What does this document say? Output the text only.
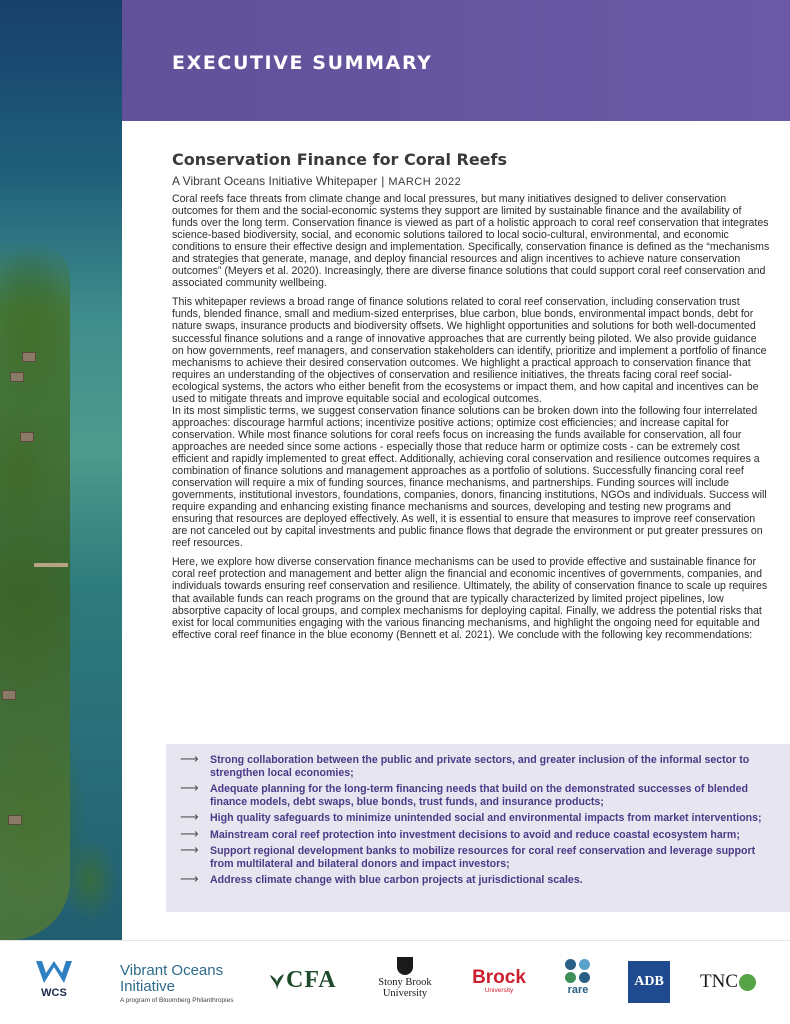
EXECUTIVE SUMMARY
Conservation Finance for Coral Reefs
A Vibrant Oceans Initiative Whitepaper | MARCH 2022

Coral reefs face threats from climate change and local pressures, but many initiatives designed to deliver conservation outcomes for them and the social-economic systems they support are limited by sustainable finance and the availability of funds over the long term. Conservation finance is viewed as part of a holistic approach to coral reef conservation that integrates science-based biodiversity, social, and economic solutions tailored to local socio-cultural, environmental, and economic conditions to ensure their effective design and implementation. Specifically, conservation finance is defined as the “mechanisms and strategies that generate, manage, and deploy financial resources and align incentives to achieve nature conservation outcomes” (Meyers et al. 2020). Increasingly, there are diverse finance solutions that could support coral reef conservation and associated community wellbeing.

This whitepaper reviews a broad range of finance solutions related to coral reef conservation, including conservation trust funds, blended finance, small and medium-sized enterprises, blue carbon, blue bonds, environmental impact bonds, debt for nature swaps, insurance products and biodiversity offsets. We highlight opportunities and solutions for both well-documented successful finance solutions and a range of innovative approaches that are currently being piloted. We also provide guidance on how governments, reef managers, and conservation stakeholders can identify, prioritize and implement a portfolio of finance mechanisms to achieve their desired conservation outcomes. We highlight a practical approach to conservation finance that requires an understanding of the objectives of conservation and resilience initiatives, the threats facing coral reef social-ecological systems, the actors who either benefit from the ecosystems or impact them, and how capital and incentives can be used to mitigate threats and improve equitable social and ecological outcomes.

In its most simplistic terms, we suggest conservation finance solutions can be broken down into the following four interrelated approaches: discourage harmful actions; incentivize positive actions; optimize cost efficiencies; and increase capital for conservation. While most finance solutions for coral reefs focus on increasing the funds available for conservation, all four approaches are needed since some actions - especially those that reduce harm or optimize costs - can be extremely cost efficient and rapidly implemented to great effect. Additionally, achieving coral conservation and resilience outcomes requires a combination of finance solutions and management approaches as a portfolio of solutions. Successfully financing coral reef conservation will require a mix of funding sources, finance mechanisms, and partnerships. Funding sources will include governments, institutional investors, foundations, companies, donors, financing institutions, NGOs and individuals. Success will require expanding and enhancing existing finance mechanisms and sources, developing and testing new programs and ensuring that resources are deployed effectively. As well, it is essential to ensure that measures to improve reef conservation are not canceled out by capital investments and public finance flows that degrade the environment or put greater pressures on reef resources.

Here, we explore how diverse conservation finance mechanisms can be used to provide effective and sustainable finance for coral reef protection and management and better align the financial and economic incentives of governments, companies, and individuals towards ensuring reef conservation and resilience. Ultimately, the ability of conservation finance to scale up requires that available funds can reach programs on the ground that are typically characterized by limited project pipelines, low absorptive capacity of local groups, and complex mechanisms for deploying capital. Finally, we address the potential risks that exist for local communities engaging with the various financing mechanisms, and highlight the ongoing need for equitable and effective coral reef finance in the blue economy (Bennett et al. 2021). We conclude with the following key recommendations:

⟶	Strong collaboration between the public and private sectors, and greater inclusion of the informal sector to strengthen local economies;
⟶	Adequate planning for the long-term financing needs that build on the demonstrated successes of blended finance models, debt swaps, blue bonds, trust funds, and insurance products;
⟶	High quality safeguards to minimize unintended social and environmental impacts from market interventions;
⟶	Mainstream coral reef protection into investment decisions to avoid and reduce coastal ecosystem harm;
⟶	Support regional development banks to mobilize resources for coral reef conservation and leverage support from multilateral and bilateral donors and impact investors;
⟶	Address climate change with blue carbon projects at jurisdictional scales.
WCS
Vibrant Oceans
Initiative
A program of Bloomberg Philanthropies
CFA	Stony Brook
University
Brock
University	rare
ADB	TNC
